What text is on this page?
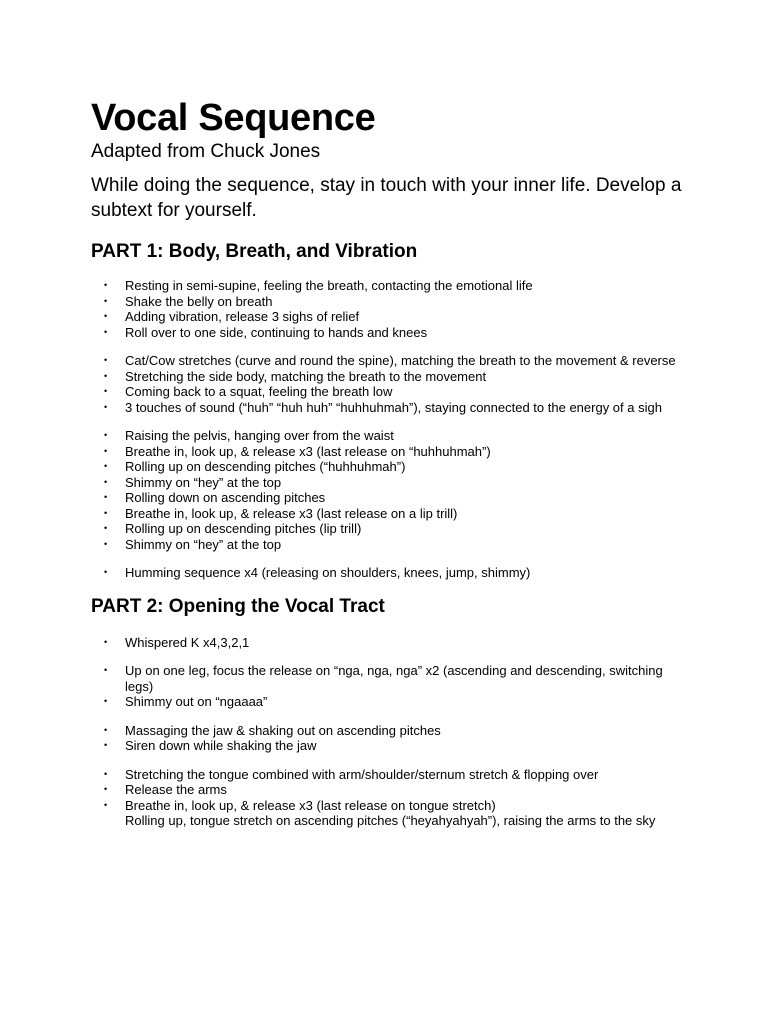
Vocal Sequence

Adapted from Chuck Jones

While doing the sequence, stay in touch with your inner life. Develop a subtext for yourself.

PART 1: Body, Breath, and Vibration
• Resting in semi-supine, feeling the breath, contacting the emotional life
• Shake the belly on breath
• Adding vibration, release 3 sighs of relief
• Roll over to one side, continuing to hands and knees
• Cat/Cow stretches (curve and round the spine), matching the breath to the movement & reverse
• Stretching the side body, matching the breath to the movement
• Coming back to a squat, feeling the breath low
• 3 touches of sound (“huh” “huh huh” “huhhuhmah”), staying connected to the energy of a sigh
• Raising the pelvis, hanging over from the waist
• Breathe in, look up, & release x3 (last release on “huhhuhmah”)
• Rolling up on descending pitches (“huhhuhmah”)
• Shimmy on “hey” at the top
• Rolling down on ascending pitches
• Breathe in, look up, & release x3 (last release on a lip trill)
• Rolling up on descending pitches (lip trill)
• Shimmy on “hey” at the top
• Humming sequence x4 (releasing on shoulders, knees, jump, shimmy)
PART 2: Opening the Vocal Tract
• Whispered K x4,3,2,1
• Up on one leg, focus the release on “nga, nga, nga” x2 (ascending and descending, switching legs)
• Shimmy out on “ngaaaa”
• Massaging the jaw & shaking out on ascending pitches
• Siren down while shaking the jaw
• Stretching the tongue combined with arm/shoulder/sternum stretch & flopping over
• Release the arms
• Breathe in, look up, & release x3 (last release on tongue stretch)
Rolling up, tongue stretch on ascending pitches (“heyahyahyah”), raising the arms to the sky
